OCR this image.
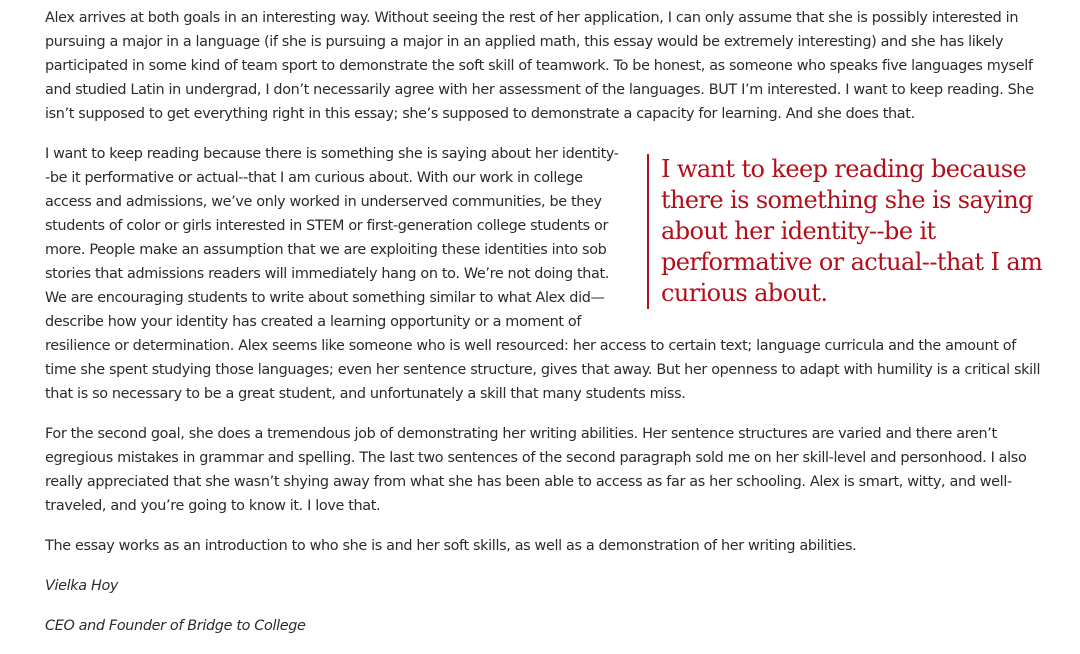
Alex arrives at both goals in an interesting way. Without seeing the rest of her application, I can only assume that she is possibly interested in pursuing a major in a language (if she is pursuing a major in an applied math, this essay would be extremely interesting) and she has likely participated in some kind of team sport to demonstrate the soft skill of teamwork. To be honest, as someone who speaks five languages myself and studied Latin in undergrad, I don’t necessarily agree with her assessment of the languages. BUT I’m interested. I want to keep reading. She isn’t supposed to get everything right in this essay; she’s supposed to demonstrate a capacity for learning. And she does that.

I want to keep reading because there is something she is saying about her identity--be it performative or actual--that I am curious about.

I want to keep reading because there is something she is saying about her identity--be it performative or actual--that I am curious about. With our work in college access and admissions, we’ve only worked in underserved communities, be they students of color or girls interested in STEM or first-generation college students or more. People make an assumption that we are exploiting these identities into sob stories that admissions readers will immediately hang on to. We’re not doing that. We are encouraging students to write about something similar to what Alex did—describe how your identity has created a learning opportunity or a moment of resilience or determination. Alex seems like someone who is well resourced: her access to certain text; language curricula and the amount of time she spent studying those languages; even her sentence structure, gives that away. But her openness to adapt with humility is a critical skill that is so necessary to be a great student, and unfortunately a skill that many students miss.

For the second goal, she does a tremendous job of demonstrating her writing abilities. Her sentence structures are varied and there aren’t egregious mistakes in grammar and spelling. The last two sentences of the second paragraph sold me on her skill-level and personhood. I also really appreciated that she wasn’t shying away from what she has been able to access as far as her schooling. Alex is smart, witty, and well-traveled, and you’re going to know it. I love that.

The essay works as an introduction to who she is and her soft skills, as well as a demonstration of her writing abilities.

Vielka Hoy

CEO and Founder of Bridge to College
